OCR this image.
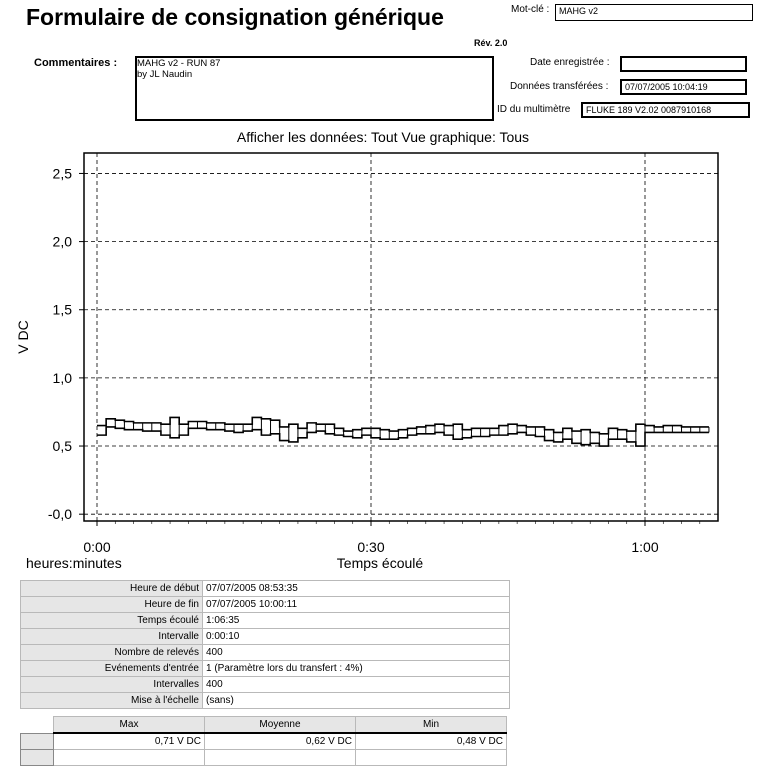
Formulaire de consignation générique	Mot-clé :	MAHG v2
Rév. 2.0
Commentaires : MAHG v2 - RUN 87
by JL Naudin
Date enregistrée :
Données transférées :	07/07/2005 10:04:19
ID du multimètre	FLUKE 189 V2.02 0087910168
Afficher les données: Tout Vue graphique: Tous
2,5
2,0
1,5
1,0
0,5
-0,0
0:00	0:30	1:00
V DC
heures:minutes	Temps écoulé
Heure de début	07/07/2005 08:53:35
Heure de fin	07/07/2005 10:00:11
Temps écoulé	1:06:35
Intervalle	0:00:10
Nombre de relevés	400
Evénements d'entrée	1 (Paramètre lors du transfert : 4%)
Intervalles	400
Mise à l'échelle	(sans)
	Max	Moyenne	Min
	0,71 V DC	0,62 V DC	0,48 V DC
